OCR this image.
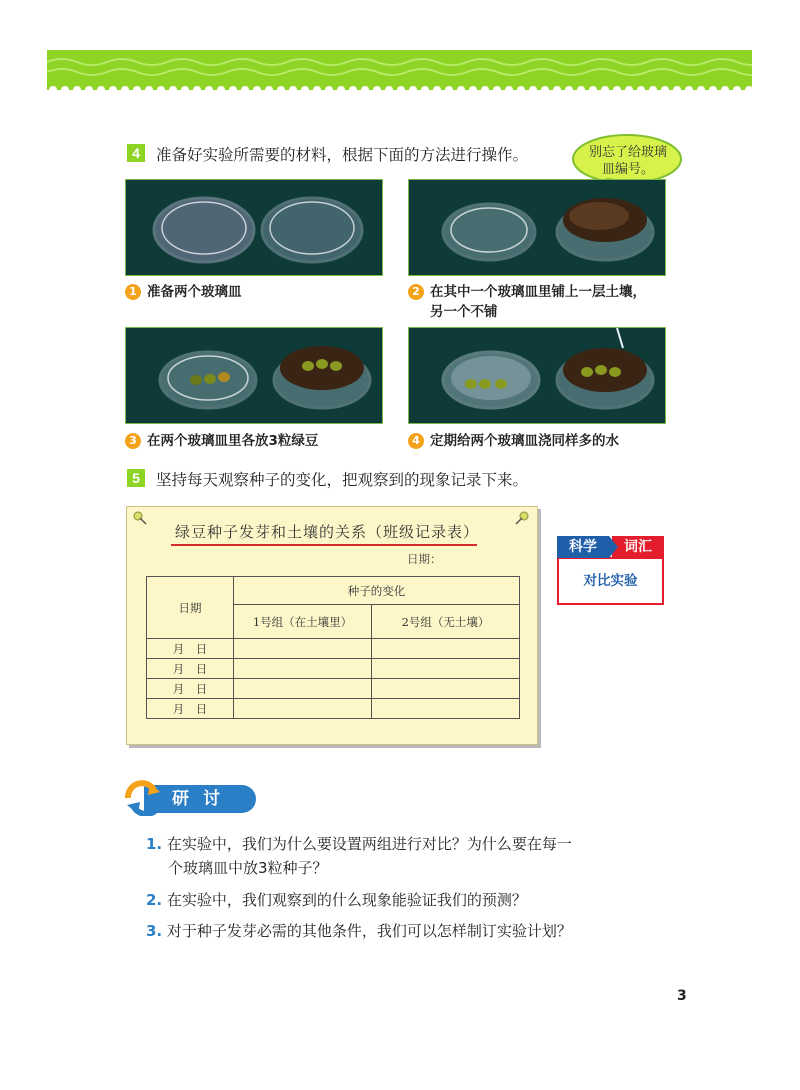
4	准备好实验所需要的材料，根据下面的方法进行操作。	别忘了给玻璃皿编号。
1 准备两个玻璃皿	2 在其中一个玻璃皿里铺上一层土壤，
另一个不铺
3 在两个玻璃皿里各放3粒绿豆	4 定期给两个玻璃皿浇同样多的水
5	坚持每天观察种子的变化，把观察到的现象记录下来。
绿豆种子发芽和土壤的关系（班级记录表）
日期：
日期	种子的变化	
	1号组（在土壤里）	2号组（无土壤）
月　日		
月　日		
月　日		
月　日		
科学	词汇
对比实验
研讨
1. 在实验中，我们为什么要设置两组进行对比？为什么要在每一
个玻璃皿中放3粒种子？
2. 在实验中，我们观察到的什么现象能验证我们的预测？
3. 对于种子发芽必需的其他条件，我们可以怎样制订实验计划？
3
